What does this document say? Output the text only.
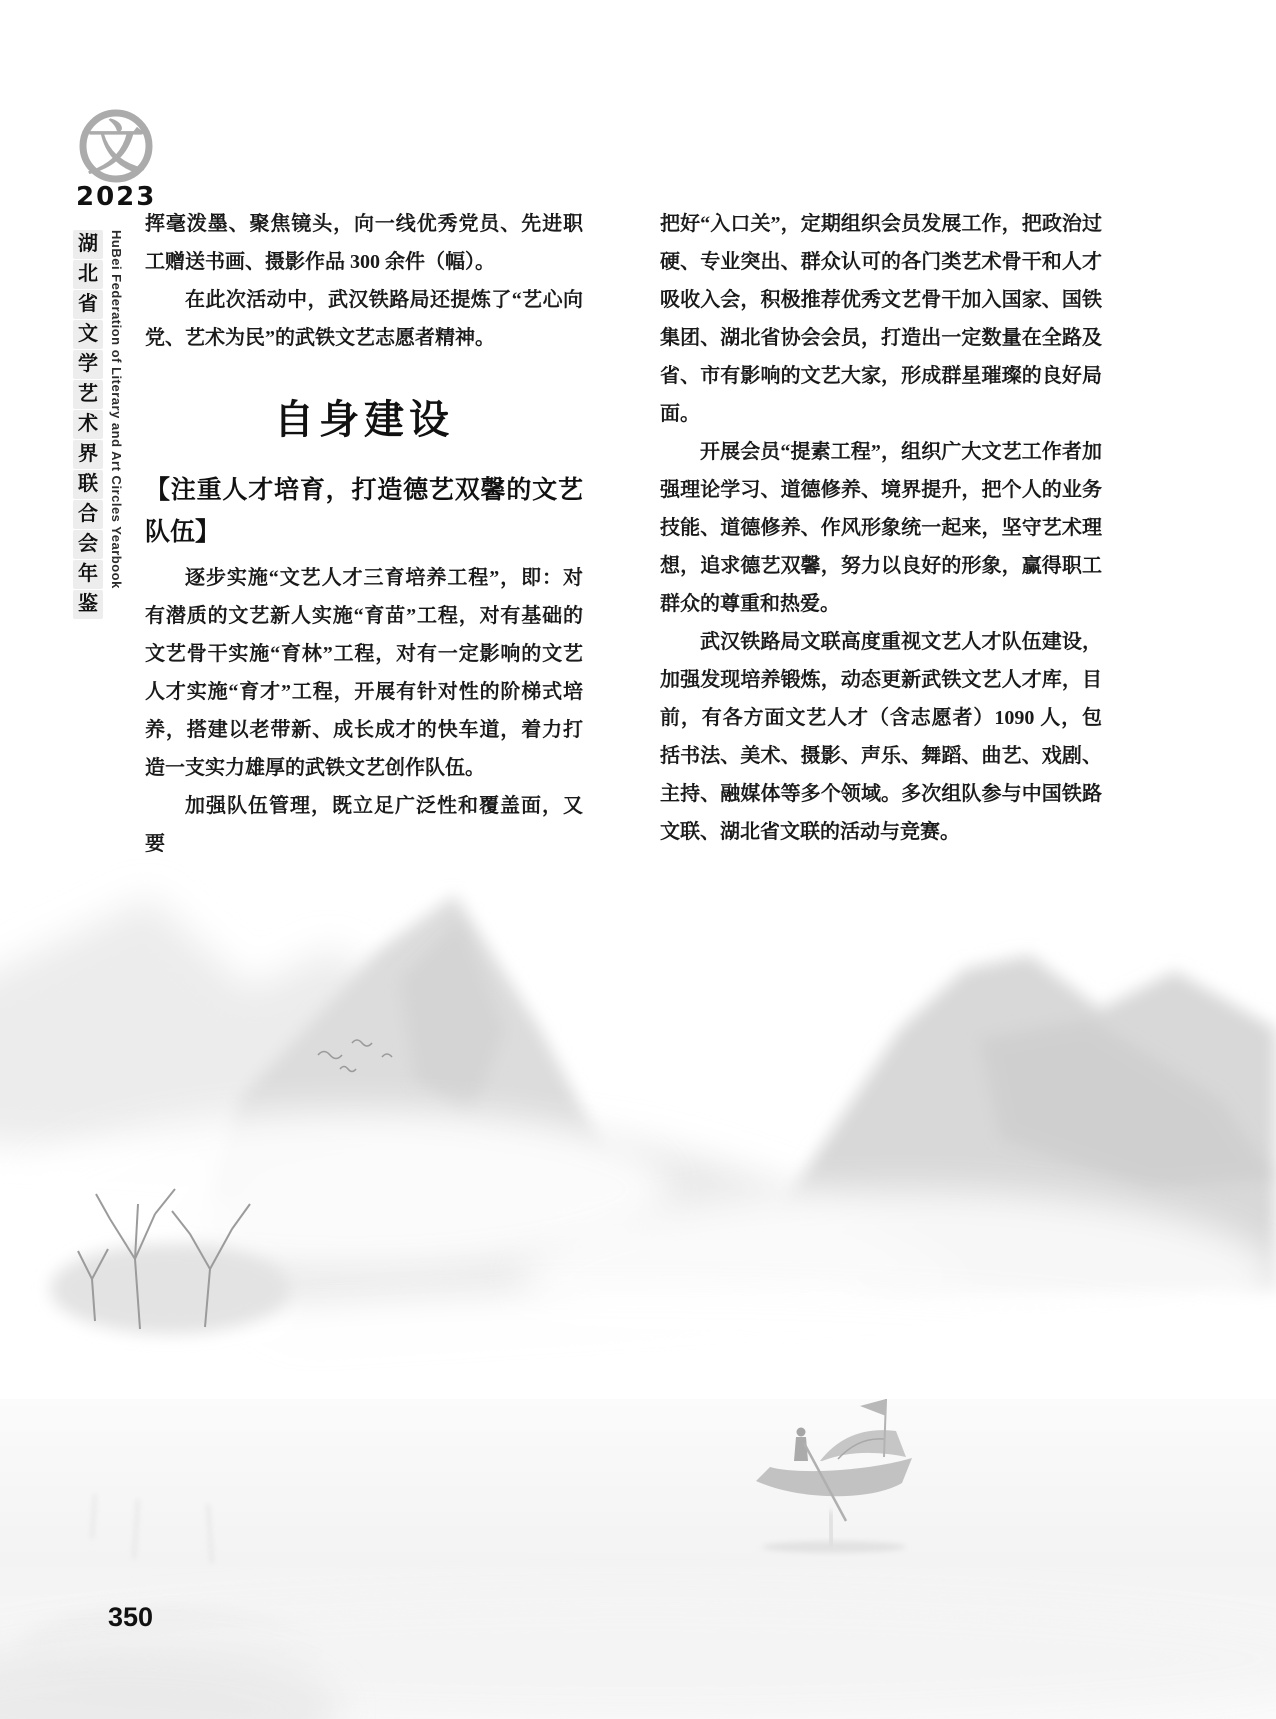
文
2023
湖
北
省
文
学
艺
术
界
联
合
会
年
鉴
HuBei Federation of Literary and Art Circles Yearbook

挥毫泼墨、聚焦镜头，向一线优秀党员、先进职工赠送书画、摄影作品 300 余件（幅）。

在此次活动中，武汉铁路局还提炼了“艺心向党、艺术为民”的武铁文艺志愿者精神。

自身建设
【注重人才培育，打造德艺双馨的文艺队伍】

逐步实施“文艺人才三育培养工程”，即：对有潜质的文艺新人实施“育苗”工程，对有基础的文艺骨干实施“育林”工程，对有一定影响的文艺人才实施“育才”工程，开展有针对性的阶梯式培养，搭建以老带新、成长成才的快车道，着力打造一支实力雄厚的武铁文艺创作队伍。

加强队伍管理，既立足广泛性和覆盖面，又要

把好“入口关”，定期组织会员发展工作，把政治过硬、专业突出、群众认可的各门类艺术骨干和人才吸收入会，积极推荐优秀文艺骨干加入国家、国铁集团、湖北省协会会员，打造出一定数量在全路及省、市有影响的文艺大家，形成群星璀璨的良好局面。

开展会员“提素工程”，组织广大文艺工作者加强理论学习、道德修养、境界提升，把个人的业务技能、道德修养、作风形象统一起来，坚守艺术理想，追求德艺双馨，努力以良好的形象，赢得职工群众的尊重和热爱。

武汉铁路局文联高度重视文艺人才队伍建设，加强发现培养锻炼，动态更新武铁文艺人才库，目前，有各方面文艺人才（含志愿者）1090 人，包括书法、美术、摄影、声乐、舞蹈、曲艺、戏剧、主持、融媒体等多个领域。多次组队参与中国铁路文联、湖北省文联的活动与竞赛。

350
